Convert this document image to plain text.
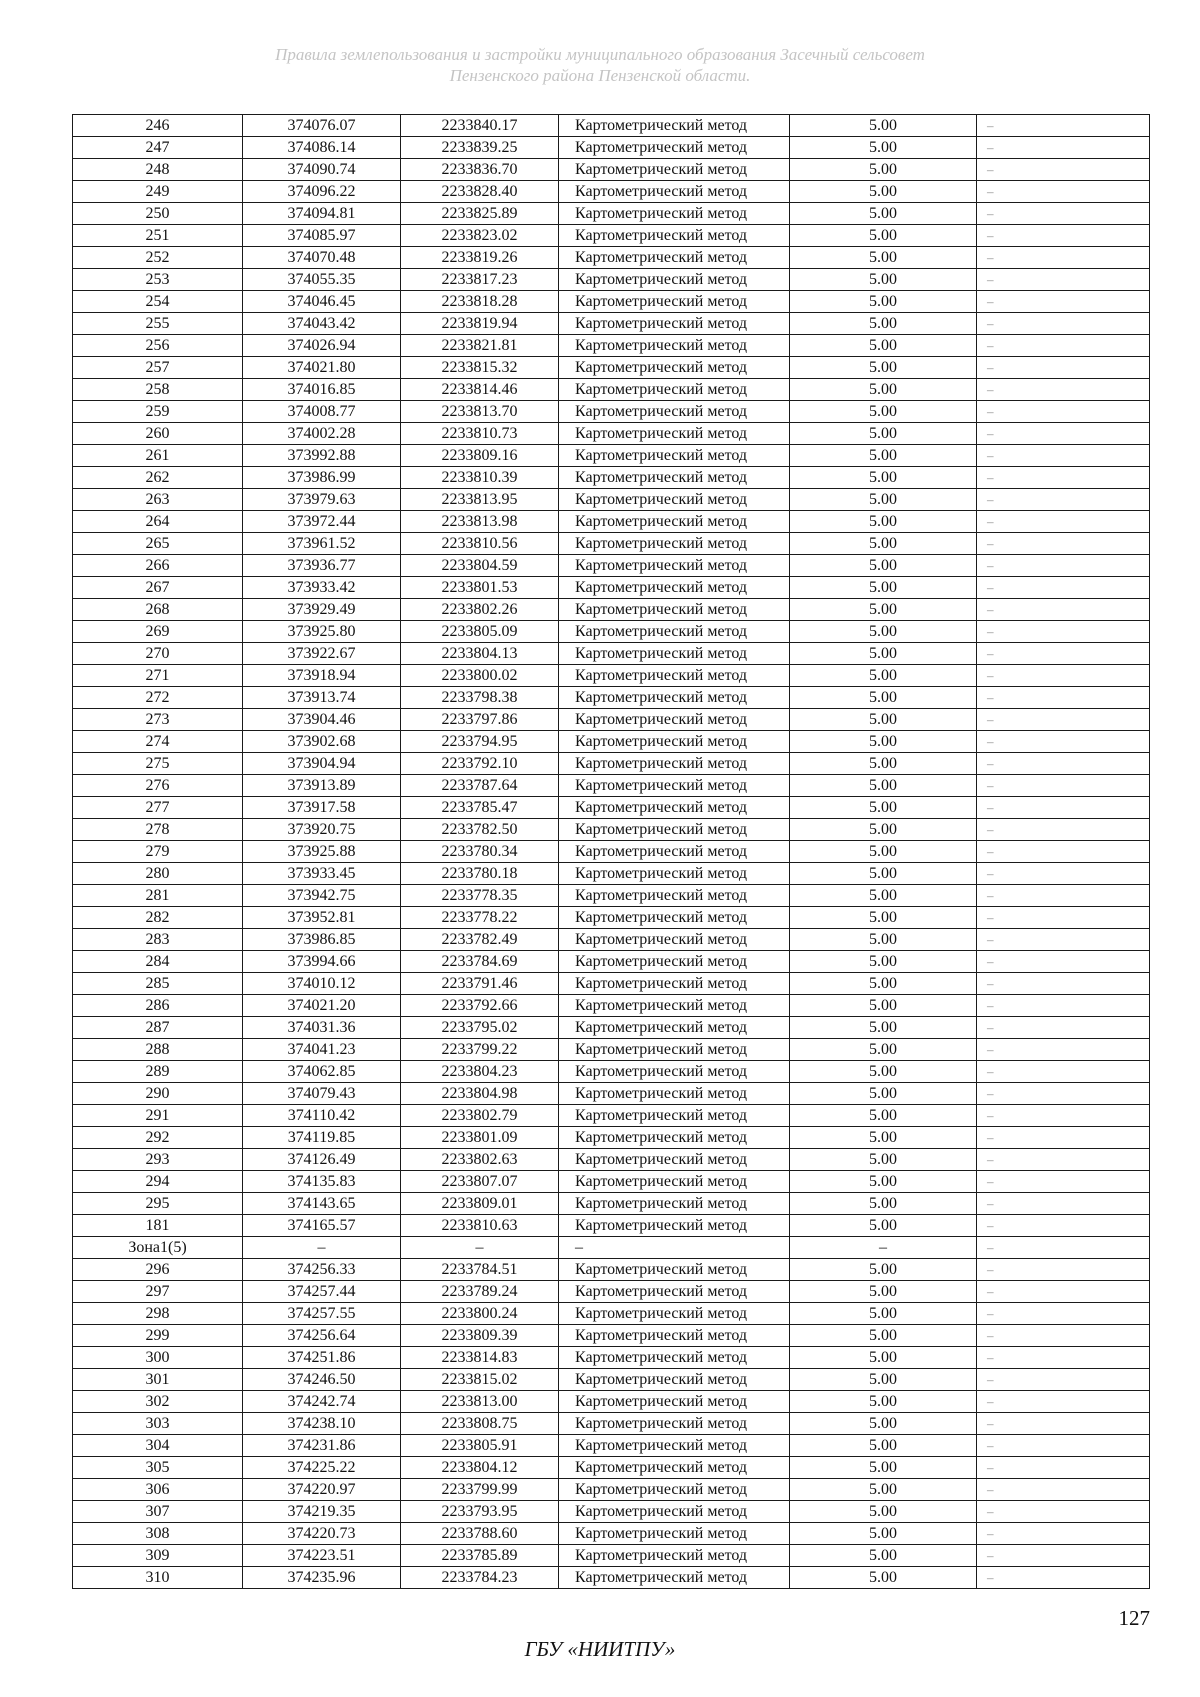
Правила землепользования и застройки муниципального образования Засечный сельсовет
Пензенского района Пензенской области.
246	374076.07	2233840.17	Картометрический метод	5.00	–
247	374086.14	2233839.25	Картометрический метод	5.00	–
248	374090.74	2233836.70	Картометрический метод	5.00	–
249	374096.22	2233828.40	Картометрический метод	5.00	–
250	374094.81	2233825.89	Картометрический метод	5.00	–
251	374085.97	2233823.02	Картометрический метод	5.00	–
252	374070.48	2233819.26	Картометрический метод	5.00	–
253	374055.35	2233817.23	Картометрический метод	5.00	–
254	374046.45	2233818.28	Картометрический метод	5.00	–
255	374043.42	2233819.94	Картометрический метод	5.00	–
256	374026.94	2233821.81	Картометрический метод	5.00	–
257	374021.80	2233815.32	Картометрический метод	5.00	–
258	374016.85	2233814.46	Картометрический метод	5.00	–
259	374008.77	2233813.70	Картометрический метод	5.00	–
260	374002.28	2233810.73	Картометрический метод	5.00	–
261	373992.88	2233809.16	Картометрический метод	5.00	–
262	373986.99	2233810.39	Картометрический метод	5.00	–
263	373979.63	2233813.95	Картометрический метод	5.00	–
264	373972.44	2233813.98	Картометрический метод	5.00	–
265	373961.52	2233810.56	Картометрический метод	5.00	–
266	373936.77	2233804.59	Картометрический метод	5.00	–
267	373933.42	2233801.53	Картометрический метод	5.00	–
268	373929.49	2233802.26	Картометрический метод	5.00	–
269	373925.80	2233805.09	Картометрический метод	5.00	–
270	373922.67	2233804.13	Картометрический метод	5.00	–
271	373918.94	2233800.02	Картометрический метод	5.00	–
272	373913.74	2233798.38	Картометрический метод	5.00	–
273	373904.46	2233797.86	Картометрический метод	5.00	–
274	373902.68	2233794.95	Картометрический метод	5.00	–
275	373904.94	2233792.10	Картометрический метод	5.00	–
276	373913.89	2233787.64	Картометрический метод	5.00	–
277	373917.58	2233785.47	Картометрический метод	5.00	–
278	373920.75	2233782.50	Картометрический метод	5.00	–
279	373925.88	2233780.34	Картометрический метод	5.00	–
280	373933.45	2233780.18	Картометрический метод	5.00	–
281	373942.75	2233778.35	Картометрический метод	5.00	–
282	373952.81	2233778.22	Картометрический метод	5.00	–
283	373986.85	2233782.49	Картометрический метод	5.00	–
284	373994.66	2233784.69	Картометрический метод	5.00	–
285	374010.12	2233791.46	Картометрический метод	5.00	–
286	374021.20	2233792.66	Картометрический метод	5.00	–
287	374031.36	2233795.02	Картометрический метод	5.00	–
288	374041.23	2233799.22	Картометрический метод	5.00	–
289	374062.85	2233804.23	Картометрический метод	5.00	–
290	374079.43	2233804.98	Картометрический метод	5.00	–
291	374110.42	2233802.79	Картометрический метод	5.00	–
292	374119.85	2233801.09	Картометрический метод	5.00	–
293	374126.49	2233802.63	Картометрический метод	5.00	–
294	374135.83	2233807.07	Картометрический метод	5.00	–
295	374143.65	2233809.01	Картометрический метод	5.00	–
181	374165.57	2233810.63	Картометрический метод	5.00	–
Зона1(5)	–	–	–	–	–
296	374256.33	2233784.51	Картометрический метод	5.00	–
297	374257.44	2233789.24	Картометрический метод	5.00	–
298	374257.55	2233800.24	Картометрический метод	5.00	–
299	374256.64	2233809.39	Картометрический метод	5.00	–
300	374251.86	2233814.83	Картометрический метод	5.00	–
301	374246.50	2233815.02	Картометрический метод	5.00	–
302	374242.74	2233813.00	Картометрический метод	5.00	–
303	374238.10	2233808.75	Картометрический метод	5.00	–
304	374231.86	2233805.91	Картометрический метод	5.00	–
305	374225.22	2233804.12	Картометрический метод	5.00	–
306	374220.97	2233799.99	Картометрический метод	5.00	–
307	374219.35	2233793.95	Картометрический метод	5.00	–
308	374220.73	2233788.60	Картометрический метод	5.00	–
309	374223.51	2233785.89	Картометрический метод	5.00	–
310	374235.96	2233784.23	Картометрический метод	5.00	–
127
ГБУ «НИИТПУ»
